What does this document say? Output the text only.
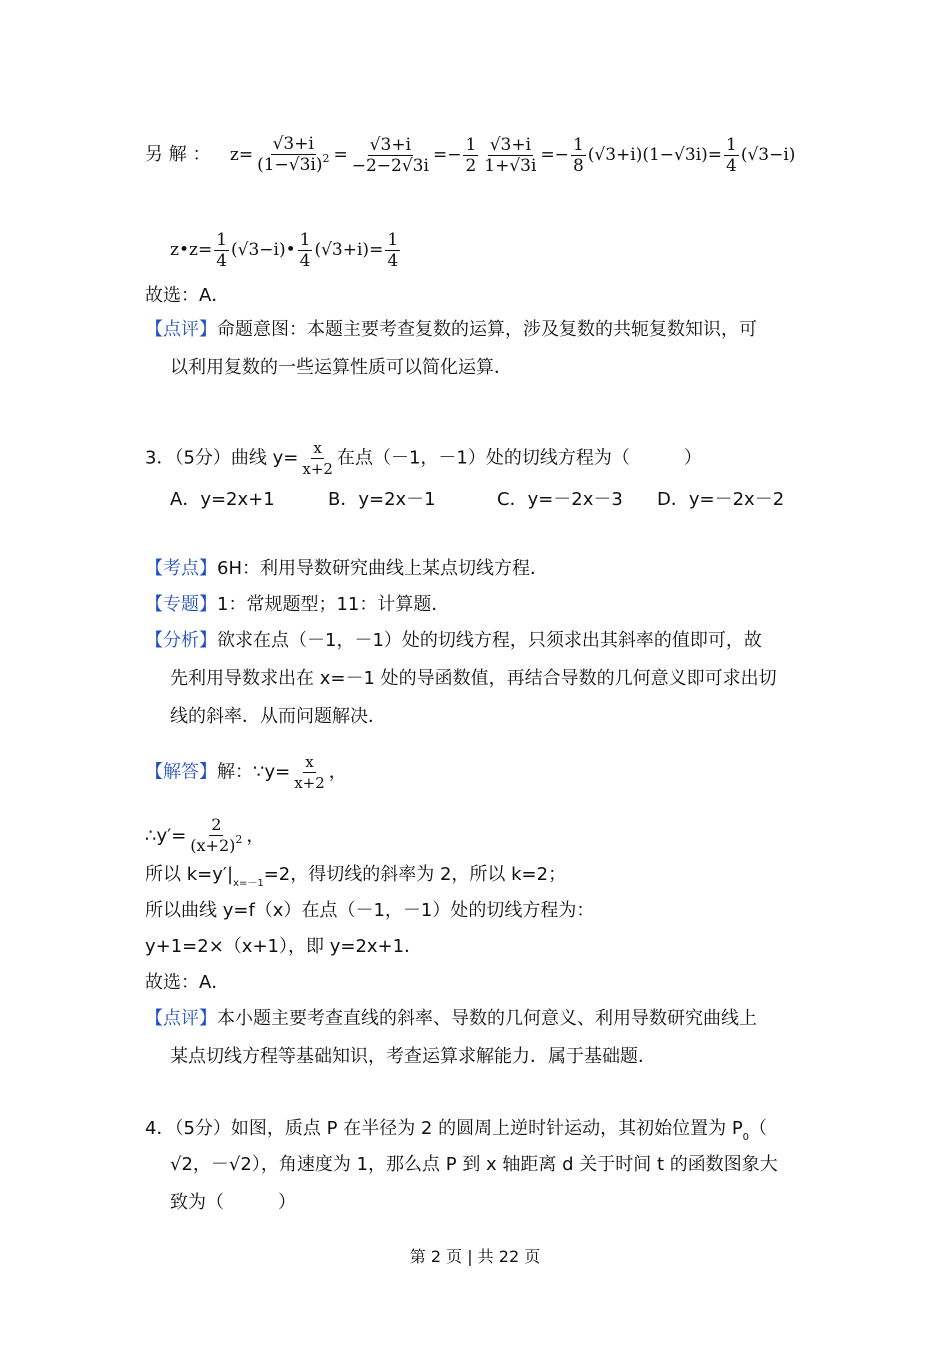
另 解 ： $z= \frac{√3+i}{(1-√3i)^2} = \frac{√3+i}{-2-2√3i} =- \frac{1}{2} \frac{√3+i}{1+√3i} =- \frac{1}{8} (√3+i)(1-√3i)= \frac{1}{4} (√3-i)$
z•z= $\frac{1}{4}$ (√3−i)• $\frac{1}{4} (√3+i)= \frac{1}{4}$
故选：A．
【点评】命题意图：本题主要考查复数的运算，涉及复数的共轭复数知识，可
以利用复数的一些运算性质可以简化运算．
3．（5分）曲线 $y= \frac{x}{x+2}$ 在点（－1，－1）处的切线方程为（　　　）
A．y=2x+1	B．y=2x－1	C．y=－2x－3 D．y=－2x－2
【考点】6H：利用导数研究曲线上某点切线方程．
【专题】1：常规题型；11：计算题．
【分析】欲求在点（－1，－1）处的切线方程，只须求出其斜率的值即可，故
先利用导数求出在 x=－1 处的导函数值，再结合导数的几何意义即可求出切
线的斜率．从而问题解决．
【解答】解：∵y= $\frac{x}{x+2}$ ，
∴y′= $\frac{2}{(x+2)^2}$ ，
所以 $k=y'|_{x=-1}=2$，得切线的斜率为 2，所以 k=2；
所以曲线 y=f（x）在点（－1，－1）处的切线方程为：
y+1=2×（x+1），即 y=2x+1．
故选：A．
【点评】本小题主要考查直线的斜率、导数的几何意义、利用导数研究曲线上
某点切线方程等基础知识，考查运算求解能力．属于基础题．
4．（5分）如图，质点 P 在半径为 2 的圆周上逆时针运动，其初始位置为 $P_0$（
√2，－√2），角速度为 1，那么点 P 到 x 轴距离 d 关于时间 t 的函数图象大
致为（　　　）
第 2 页 | 共 22 页
